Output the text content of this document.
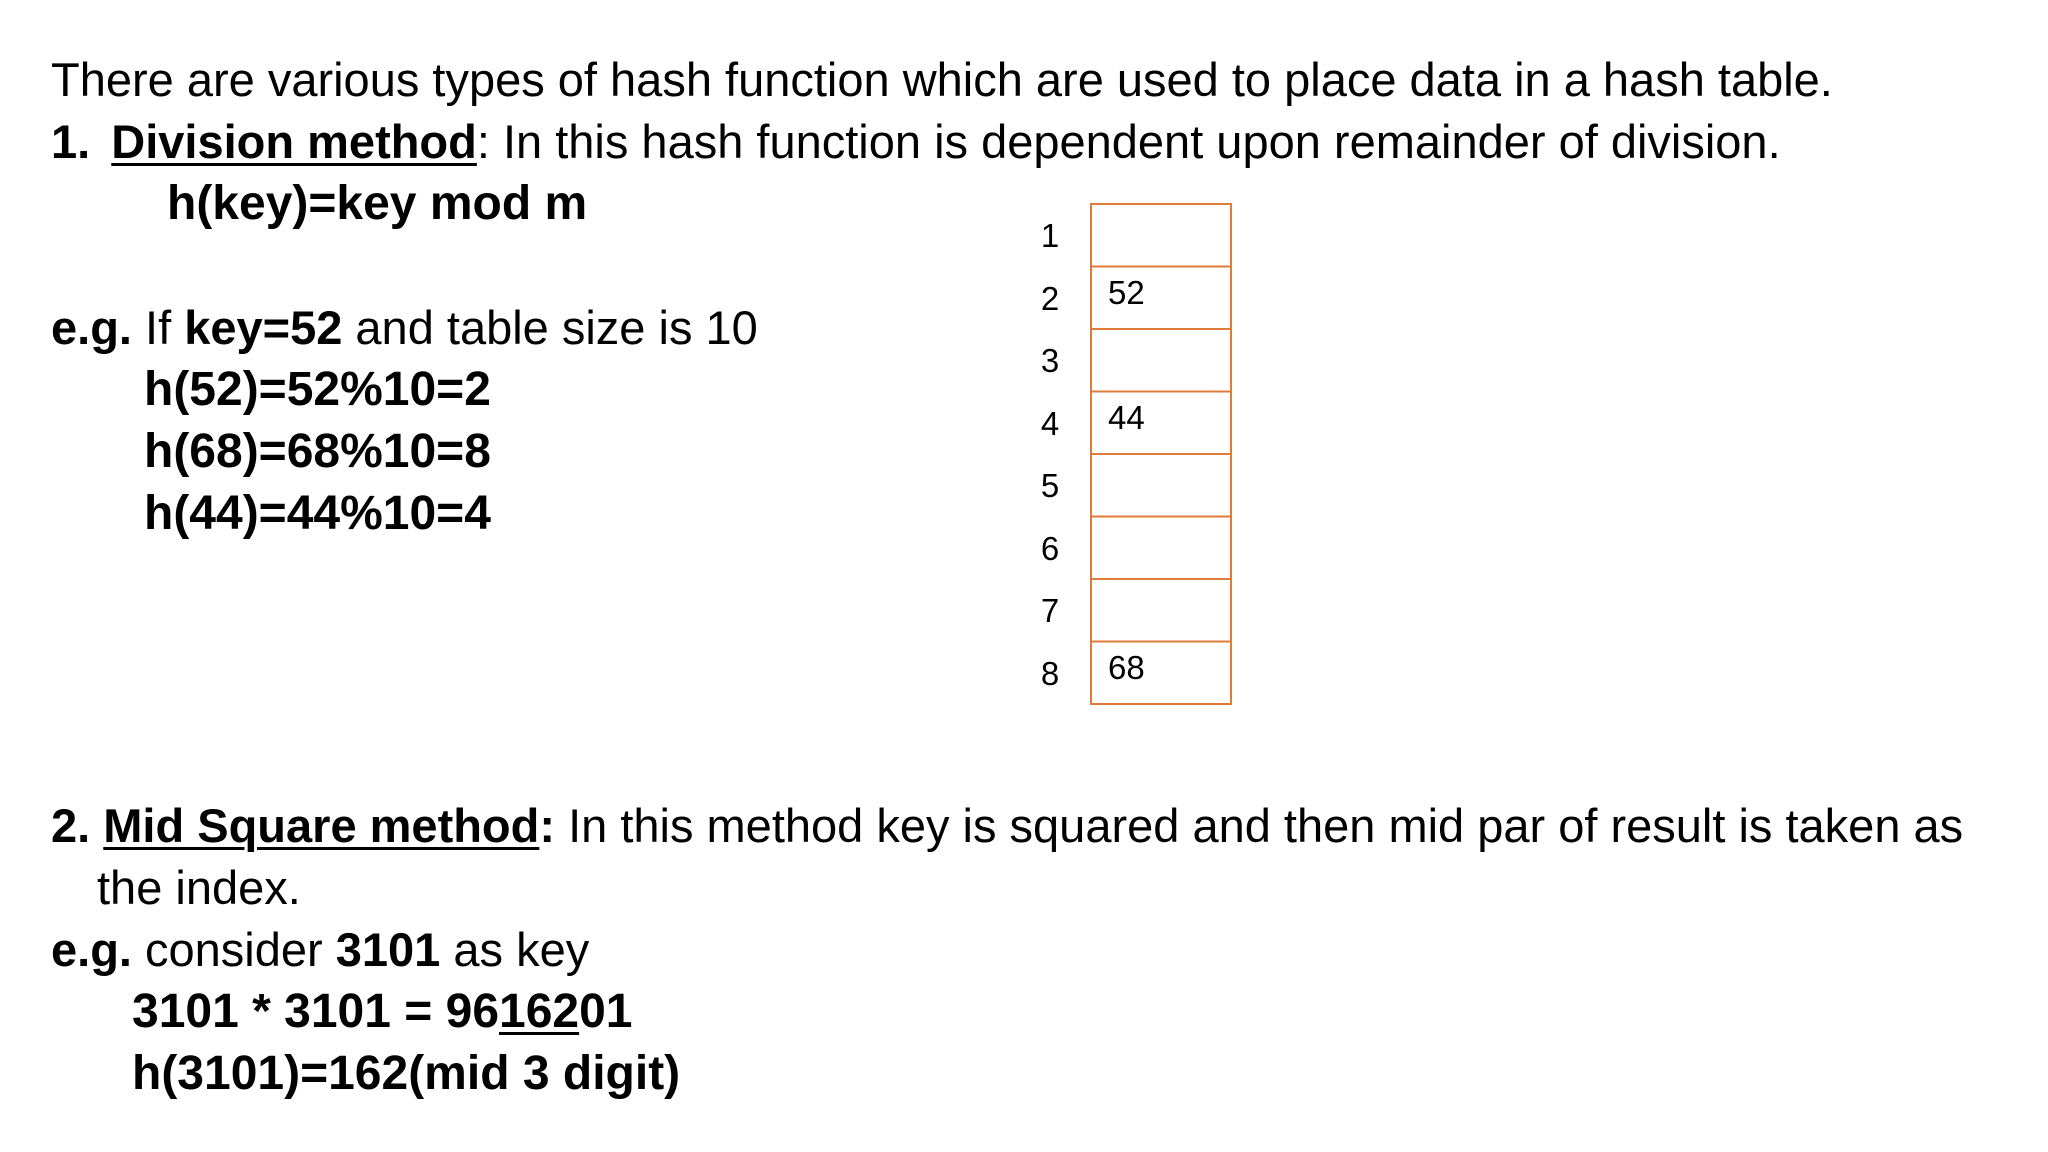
There are various types of hash function which are used to place data in a hash table.
1. Division method: In this hash function is dependent upon remainder of division.
h(key)=key mod m
e.g. If key=52 and table size is 10
h(52)=52%10=2
h(68)=68%10=8
h(44)=44%10=4
2. Mid Square method: In this method key is squared and then mid par of result is taken as
the index.
e.g. consider 3101 as key
3101 * 3101 = 9616201
h(3101)=162(mid 3 digit)
1
2	52
3
4	44
5
6
7
8	68
